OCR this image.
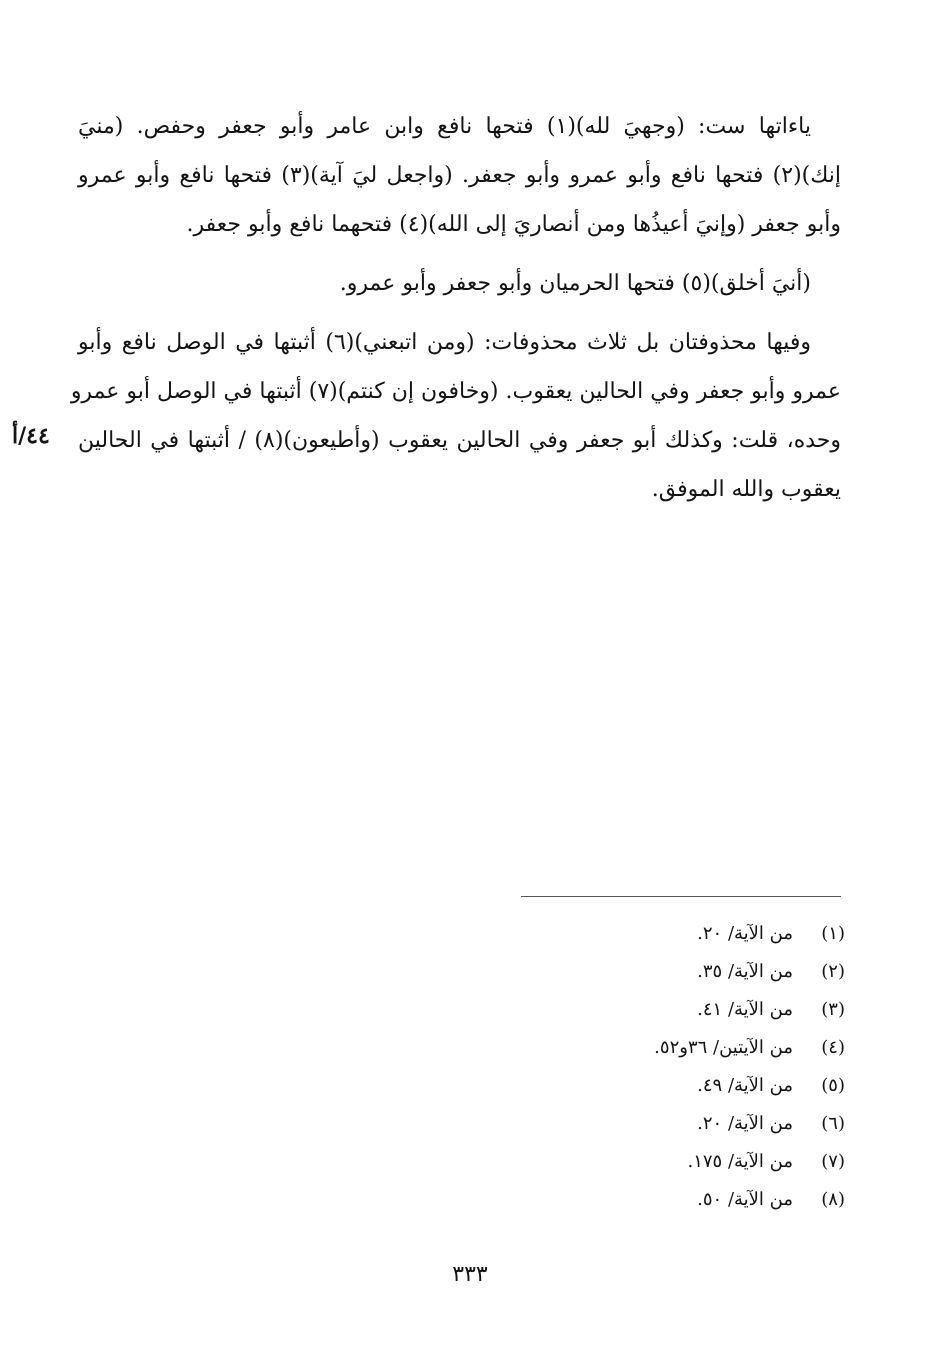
ياءاتها ست: (وجهيَ لله)(١) فتحها نافع وابن عامر وأبو جعفر وحفص. (منيَ
إنك)(٢) فتحها نافع وأبو عمرو وأبو جعفر. (واجعل ليَ آية)(٣) فتحها نافع وأبو عمرو
وأبو جعفر (وإنيَ أعيذُها ومن أنصاريَ إلى الله)(٤) فتحهما نافع وأبو جعفر.
(أنيَ أخلق)(٥) فتحها الحرميان وأبو جعفر وأبو عمرو.
وفيها محذوفتان بل ثلاث محذوفات: (ومن اتبعني)(٦) أثبتها في الوصل نافع وأبو
عمرو وأبو جعفر وفي الحالين يعقوب. (وخافون إن كنتم)(٧) أثبتها في الوصل أبو عمرو
وحده، قلت: وكذلك أبو جعفر وفي الحالين يعقوب (وأطيعون)(٨) / أثبتها في الحالين
يعقوب والله الموفق.
٤٤/أ
(١)
من الآية/ ٢٠.
(٢)
من الآية/ ٣٥.
(٣)
من الآية/ ٤١.
(٤)
من الآيتين/ ٣٦و٥٢.
(٥)
من الآية/ ٤٩.
(٦)
من الآية/ ٢٠.
(٧)
من الآية/ ١٧٥.
(٨)
من الآية/ ٥٠.
٣٣٣
